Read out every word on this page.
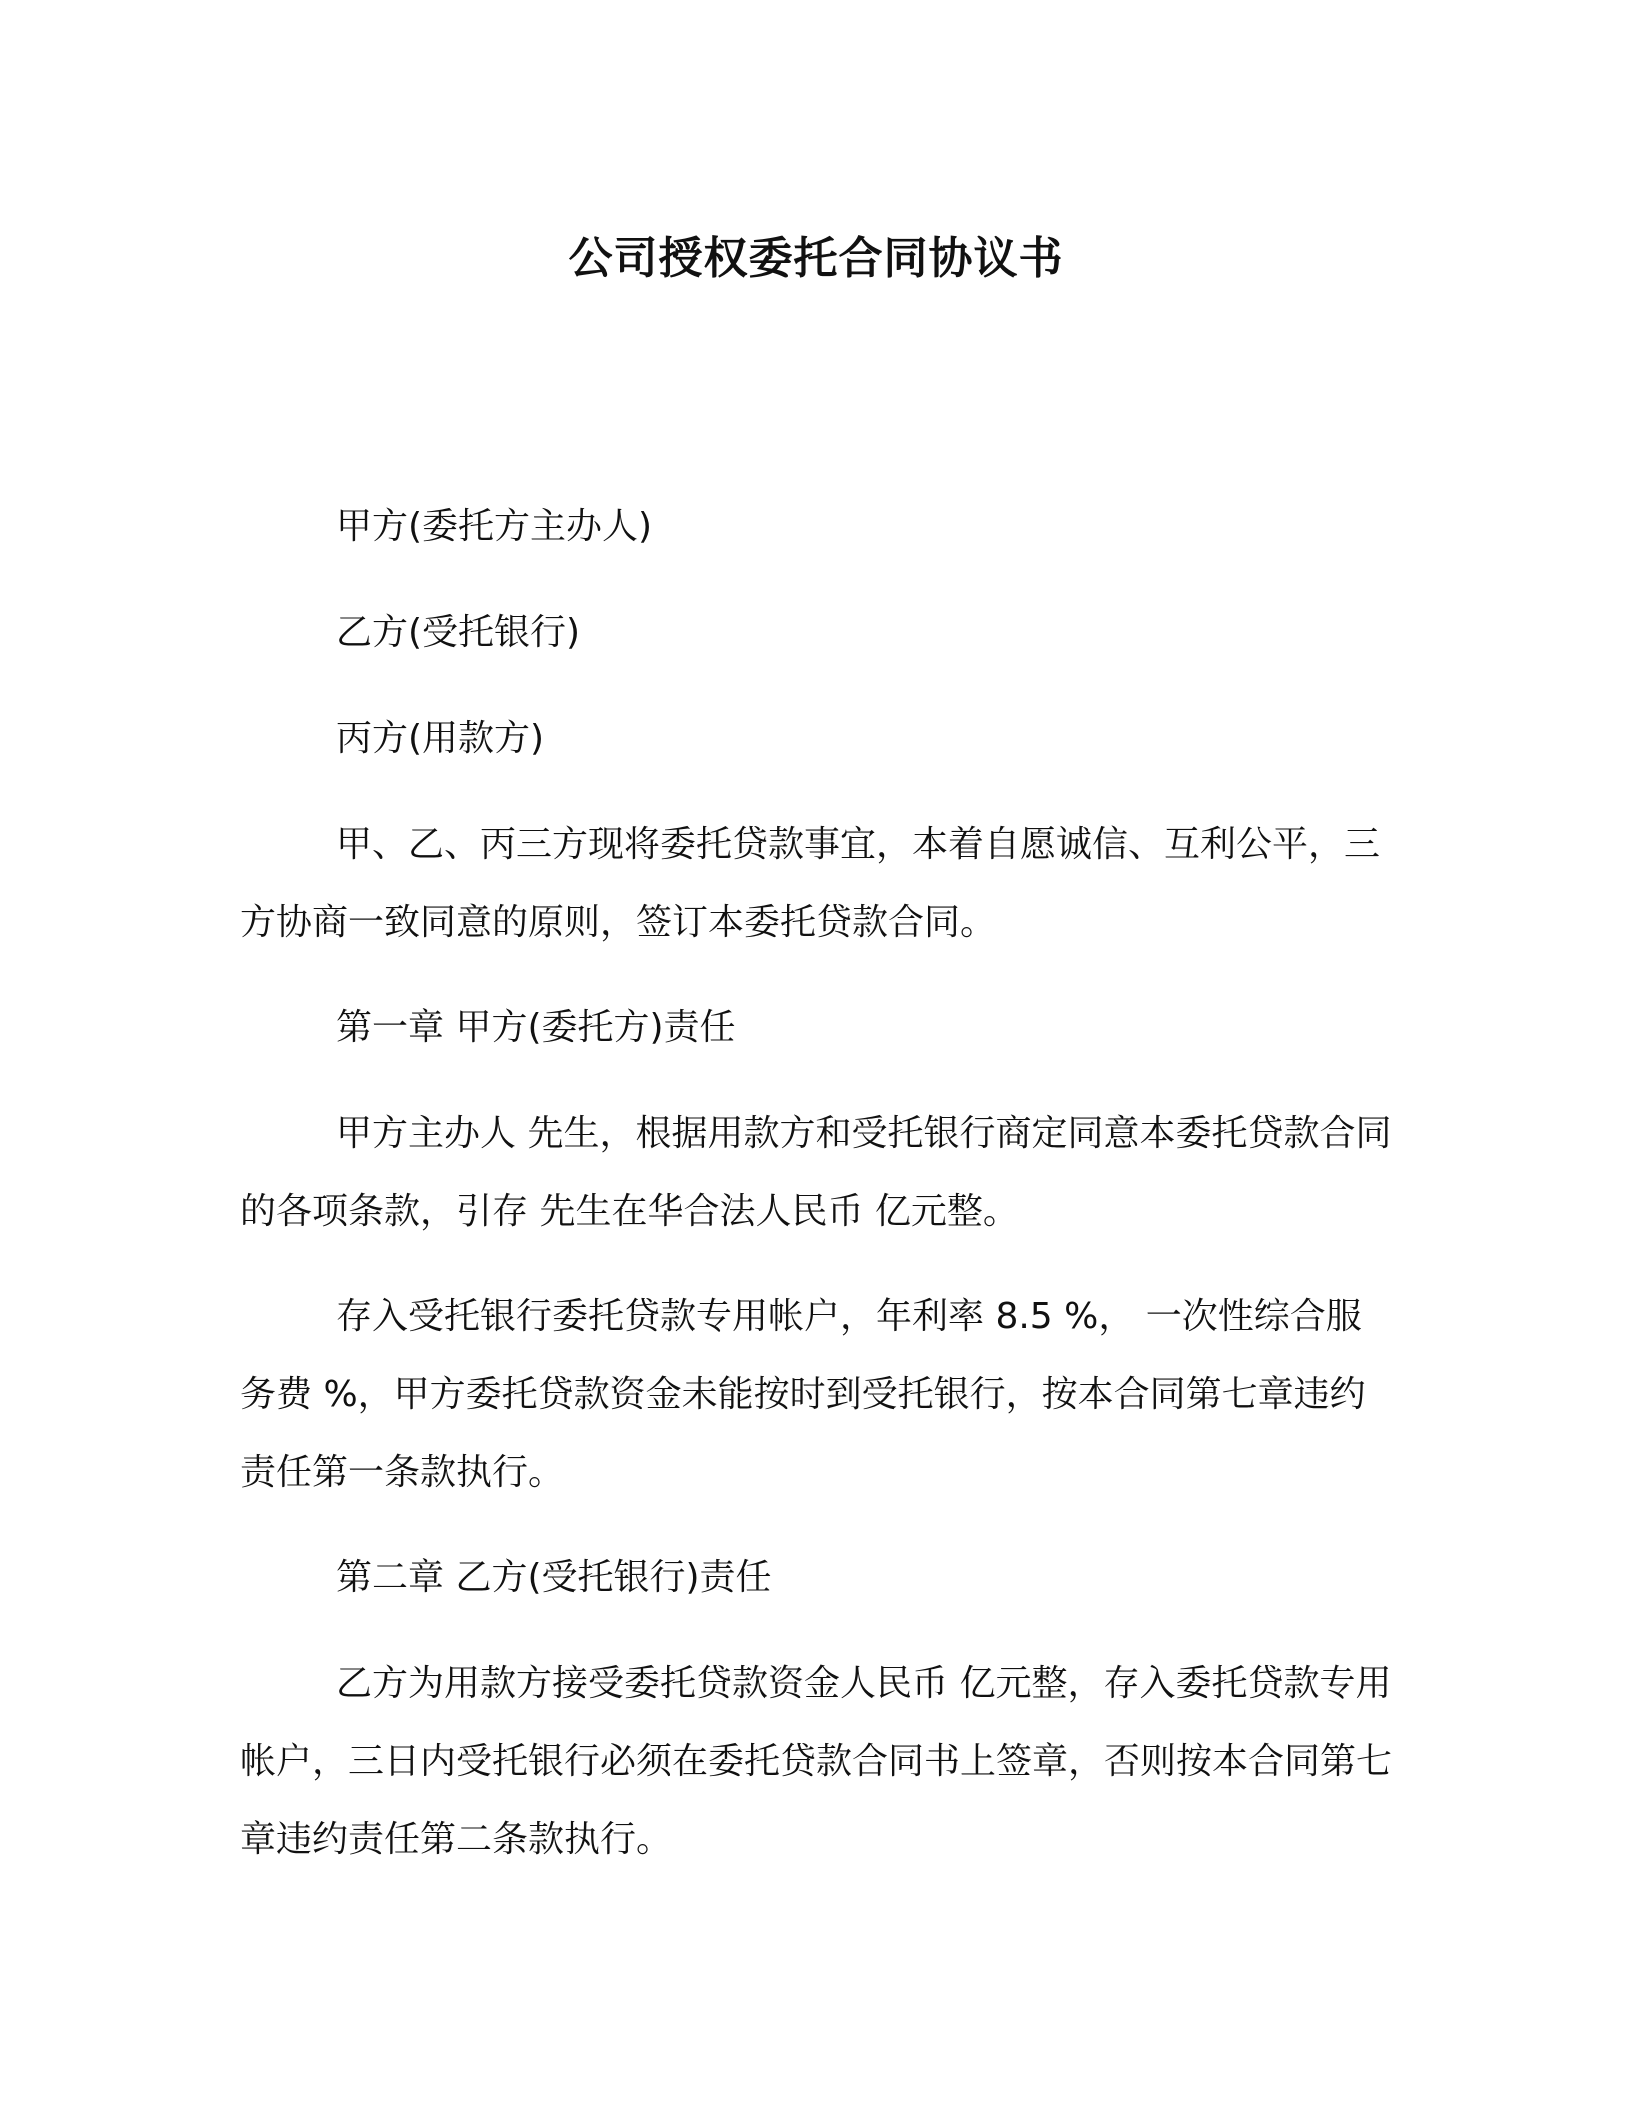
公司授权委托合同协议书

甲方(委托方主办人)

乙方(受托银行)

丙方(用款方)

甲、乙、丙三方现将委托贷款事宜，本着自愿诚信、互利公平，三方协商一致同意的原则，签订本委托贷款合同。

第一章 甲方(委托方)责任

甲方主办人 先生，根据用款方和受托银行商定同意本委托贷款合同的各项条款，引存 先生在华合法人民币 亿元整。

存入受托银行委托贷款专用帐户，年利率 8.5 %， 一次性综合服务费 %，甲方委托贷款资金未能按时到受托银行，按本合同第七章违约责任第一条款执行。

第二章 乙方(受托银行)责任

乙方为用款方接受委托贷款资金人民币 亿元整，存入委托贷款专用帐户，三日内受托银行必须在委托贷款合同书上签章，否则按本合同第七章违约责任第二条款执行。
